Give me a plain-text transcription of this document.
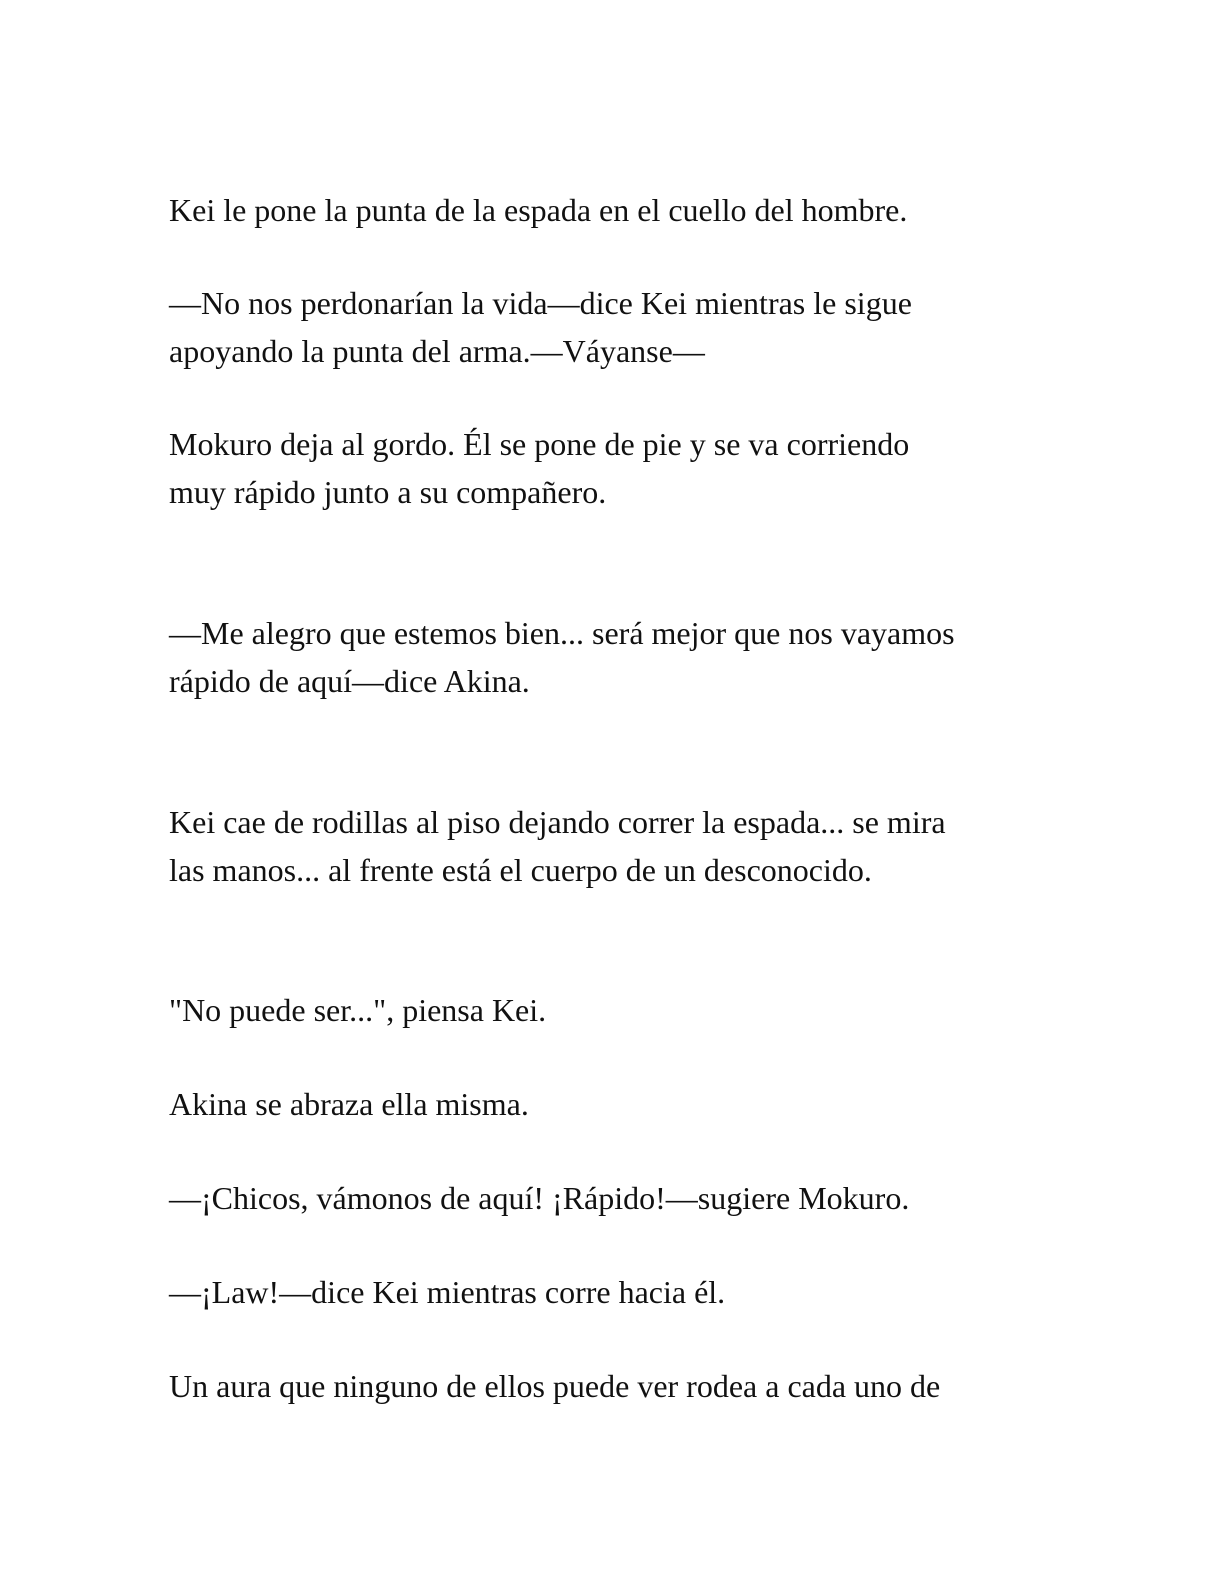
Kei le pone la punta de la espada en el cuello del hombre.

—No nos perdonarían la vida—dice Kei mientras le sigue
apoyando la punta del arma.—Váyanse—

Mokuro deja al gordo. Él se pone de pie y se va corriendo
muy rápido junto a su compañero.

—Me alegro que estemos bien... será mejor que nos vayamos
rápido de aquí—dice Akina.

Kei cae de rodillas al piso dejando correr la espada... se mira
las manos... al frente está el cuerpo de un desconocido.

"No puede ser...", piensa Kei.

Akina se abraza ella misma.

—¡Chicos, vámonos de aquí! ¡Rápido!—sugiere Mokuro.

—¡Law!—dice Kei mientras corre hacia él.

Un aura que ninguno de ellos puede ver rodea a cada uno de
